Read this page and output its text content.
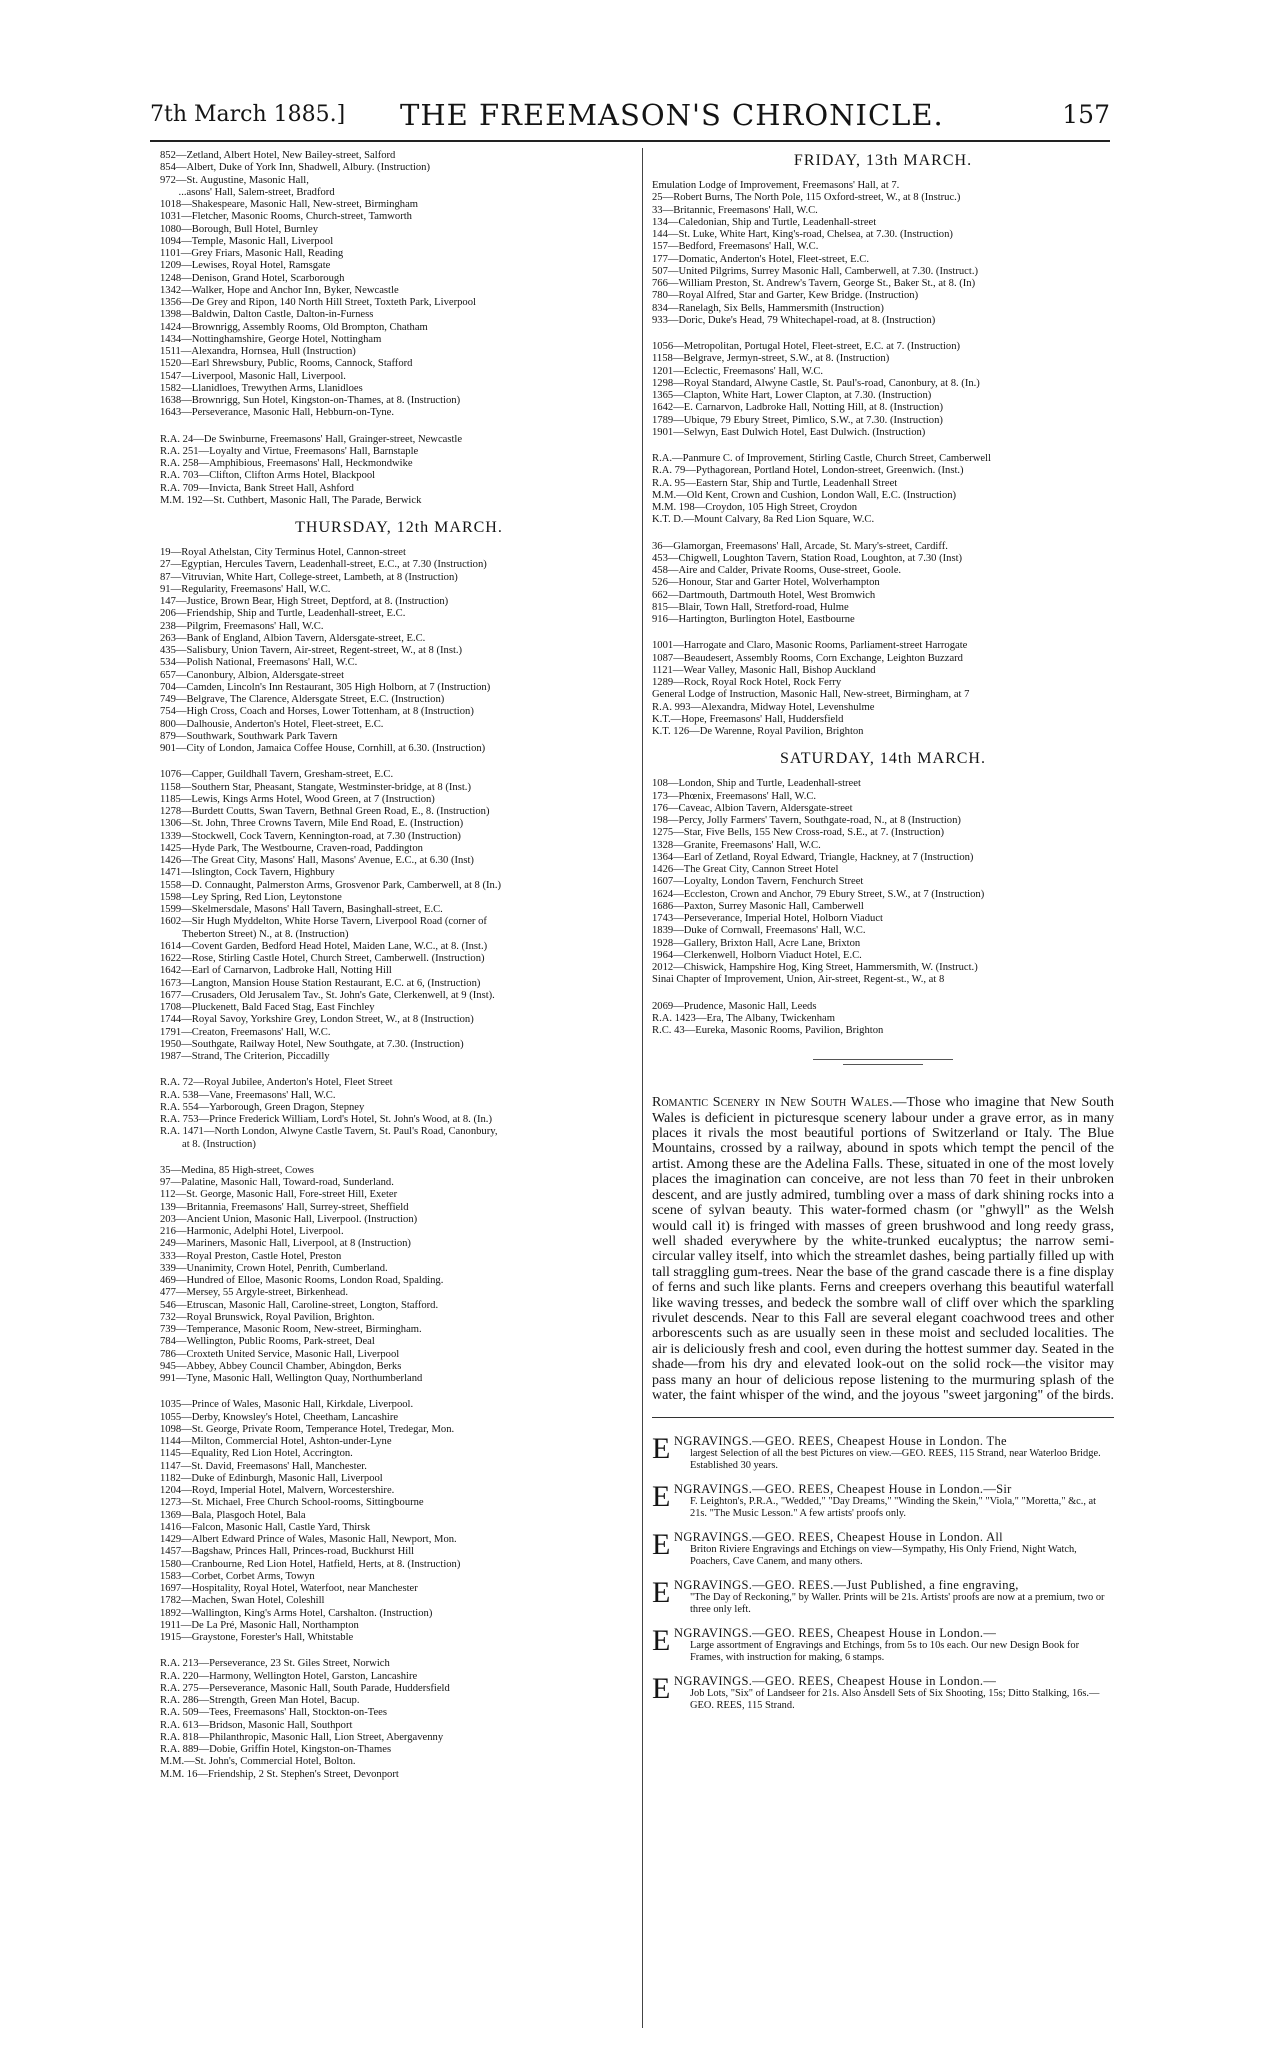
7th March 1885.] THE FREEMASON'S CHRONICLE.	157
852—Zetland, Albert Hotel, New Bailey-street, Salford
854—Albert, Duke of York Inn, Shadwell, Albury. (Instruction)
972—St. Augustine, Masonic Hall,
...asons' Hall, Salem-street, Bradford
1018—Shakespeare, Masonic Hall, New-street, Birmingham
1031—Fletcher, Masonic Rooms, Church-street, Tamworth
1080—Borough, Bull Hotel, Burnley
1094—Temple, Masonic Hall, Liverpool
1101—Grey Friars, Masonic Hall, Reading
1209—Lewises, Royal Hotel, Ramsgate
1248—Denison, Grand Hotel, Scarborough
1342—Walker, Hope and Anchor Inn, Byker, Newcastle
1356—De Grey and Ripon, 140 North Hill Street, Toxteth Park, Liverpool
1398—Baldwin, Dalton Castle, Dalton-in-Furness
1424—Brownrigg, Assembly Rooms, Old Brompton, Chatham
1434—Nottinghamshire, George Hotel, Nottingham
1511—Alexandra, Hornsea, Hull (Instruction)
1520—Earl Shrewsbury, Public, Rooms, Cannock, Stafford
1547—Liverpool, Masonic Hall, Liverpool.
1582—Llanidloes, Trewythen Arms, Llanidloes
1638—Brownrigg, Sun Hotel, Kingston-on-Thames, at 8. (Instruction)
1643—Perseverance, Masonic Hall, Hebburn-on-Tyne.
R.A. 24—De Swinburne, Freemasons' Hall, Grainger-street, Newcastle
R.A. 251—Loyalty and Virtue, Freemasons' Hall, Barnstaple
R.A. 258—Amphibious, Freemasons' Hall, Heckmondwike
R.A. 703—Clifton, Clifton Arms Hotel, Blackpool
R.A. 709—Invicta, Bank Street Hall, Ashford
M.M. 192—St. Cuthbert, Masonic Hall, The Parade, Berwick
THURSDAY, 12th MARCH.
19—Royal Athelstan, City Terminus Hotel, Cannon-street
27—Egyptian, Hercules Tavern, Leadenhall-street, E.C., at 7.30 (Instruction)
87—Vitruvian, White Hart, College-street, Lambeth, at 8 (Instruction)
91—Regularity, Freemasons' Hall, W.C.
147—Justice, Brown Bear, High Street, Deptford, at 8. (Instruction)
206—Friendship, Ship and Turtle, Leadenhall-street, E.C.
238—Pilgrim, Freemasons' Hall, W.C.
263—Bank of England, Albion Tavern, Aldersgate-street, E.C.
435—Salisbury, Union Tavern, Air-street, Regent-street, W., at 8 (Inst.)
534—Polish National, Freemasons' Hall, W.C.
657—Canonbury, Albion, Aldersgate-street
704—Camden, Lincoln's Inn Restaurant, 305 High Holborn, at 7 (Instruction)
749—Belgrave, The Clarence, Aldersgate Street, E.C. (Instruction)
754—High Cross, Coach and Horses, Lower Tottenham, at 8 (Instruction)
800—Dalhousie, Anderton's Hotel, Fleet-street, E.C.
879—Southwark, Southwark Park Tavern
901—City of London, Jamaica Coffee House, Cornhill, at 6.30. (Instruction)
1076—Capper, Guildhall Tavern, Gresham-street, E.C.
1158—Southern Star, Pheasant, Stangate, Westminster-bridge, at 8 (Inst.)
1185—Lewis, Kings Arms Hotel, Wood Green, at 7 (Instruction)
1278—Burdett Coutts, Swan Tavern, Bethnal Green Road, E., 8. (Instruction)
1306—St. John, Three Crowns Tavern, Mile End Road, E. (Instruction)
1339—Stockwell, Cock Tavern, Kennington-road, at 7.30 (Instruction)
1425—Hyde Park, The Westbourne, Craven-road, Paddington
1426—The Great City, Masons' Hall, Masons' Avenue, E.C., at 6.30 (Inst)
1471—Islington, Cock Tavern, Highbury
1558—D. Connaught, Palmerston Arms, Grosvenor Park, Camberwell, at 8 (In.)
1598—Ley Spring, Red Lion, Leytonstone
1599—Skelmersdale, Masons' Hall Tavern, Basinghall-street, E.C.
1602—Sir Hugh Myddelton, White Horse Tavern, Liverpool Road (corner of
Theberton Street) N., at 8. (Instruction)
1614—Covent Garden, Bedford Head Hotel, Maiden Lane, W.C., at 8. (Inst.)
1622—Rose, Stirling Castle Hotel, Church Street, Camberwell. (Instruction)
1642—Earl of Carnarvon, Ladbroke Hall, Notting Hill
1673—Langton, Mansion House Station Restaurant, E.C. at 6, (Instruction)
1677—Crusaders, Old Jerusalem Tav., St. John's Gate, Clerkenwell, at 9 (Inst).
1708—Pluckenett, Bald Faced Stag, East Finchley
1744—Royal Savoy, Yorkshire Grey, London Street, W., at 8 (Instruction)
1791—Creaton, Freemasons' Hall, W.C.
1950—Southgate, Railway Hotel, New Southgate, at 7.30. (Instruction)
1987—Strand, The Criterion, Piccadilly
R.A. 72—Royal Jubilee, Anderton's Hotel, Fleet Street
R.A. 538—Vane, Freemasons' Hall, W.C.
R.A. 554—Yarborough, Green Dragon, Stepney
R.A. 753—Prince Frederick William, Lord's Hotel, St. John's Wood, at 8. (In.)
R.A. 1471—North London, Alwyne Castle Tavern, St. Paul's Road, Canonbury,
at 8. (Instruction)
35—Medina, 85 High-street, Cowes
97—Palatine, Masonic Hall, Toward-road, Sunderland.
112—St. George, Masonic Hall, Fore-street Hill, Exeter
139—Britannia, Freemasons' Hall, Surrey-street, Sheffield
203—Ancient Union, Masonic Hall, Liverpool. (Instruction)
216—Harmonic, Adelphi Hotel, Liverpool.
249—Mariners, Masonic Hall, Liverpool, at 8 (Instruction)
333—Royal Preston, Castle Hotel, Preston
339—Unanimity, Crown Hotel, Penrith, Cumberland.
469—Hundred of Elloe, Masonic Rooms, London Road, Spalding.
477—Mersey, 55 Argyle-street, Birkenhead.
546—Etruscan, Masonic Hall, Caroline-street, Longton, Stafford.
732—Royal Brunswick, Royal Pavilion, Brighton.
739—Temperance, Masonic Room, New-street, Birmingham.
784—Wellington, Public Rooms, Park-street, Deal
786—Croxteth United Service, Masonic Hall, Liverpool
945—Abbey, Abbey Council Chamber, Abingdon, Berks
991—Tyne, Masonic Hall, Wellington Quay, Northumberland
1035—Prince of Wales, Masonic Hall, Kirkdale, Liverpool.
1055—Derby, Knowsley's Hotel, Cheetham, Lancashire
1098—St. George, Private Room, Temperance Hotel, Tredegar, Mon.
1144—Milton, Commercial Hotel, Ashton-under-Lyne
1145—Equality, Red Lion Hotel, Accrington.
1147—St. David, Freemasons' Hall, Manchester.
1182—Duke of Edinburgh, Masonic Hall, Liverpool
1204—Royd, Imperial Hotel, Malvern, Worcestershire.
1273—St. Michael, Free Church School-rooms, Sittingbourne
1369—Bala, Plasgoch Hotel, Bala
1416—Falcon, Masonic Hall, Castle Yard, Thirsk
1429—Albert Edward Prince of Wales, Masonic Hall, Newport, Mon.
1457—Bagshaw, Princes Hall, Princes-road, Buckhurst Hill
1580—Cranbourne, Red Lion Hotel, Hatfield, Herts, at 8. (Instruction)
1583—Corbet, Corbet Arms, Towyn
1697—Hospitality, Royal Hotel, Waterfoot, near Manchester
1782—Machen, Swan Hotel, Coleshill
1892—Wallington, King's Arms Hotel, Carshalton. (Instruction)
1911—De La Pré, Masonic Hall, Northampton
1915—Graystone, Forester's Hall, Whitstable
R.A. 213—Perseverance, 23 St. Giles Street, Norwich
R.A. 220—Harmony, Wellington Hotel, Garston, Lancashire
R.A. 275—Perseverance, Masonic Hall, South Parade, Huddersfield
R.A. 286—Strength, Green Man Hotel, Bacup.
R.A. 509—Tees, Freemasons' Hall, Stockton-on-Tees
R.A. 613—Bridson, Masonic Hall, Southport
R.A. 818—Philanthropic, Masonic Hall, Lion Street, Abergavenny
R.A. 889—Dobie, Griffin Hotel, Kingston-on-Thames
M.M.—St. John's, Commercial Hotel, Bolton.
M.M. 16—Friendship, 2 St. Stephen's Street, Devonport
FRIDAY, 13th MARCH.
Emulation Lodge of Improvement, Freemasons' Hall, at 7.
25—Robert Burns, The North Pole, 115 Oxford-street, W., at 8 (Instruc.)
33—Britannic, Freemasons' Hall, W.C.
134—Caledonian, Ship and Turtle, Leadenhall-street
144—St. Luke, White Hart, King's-road, Chelsea, at 7.30. (Instruction)
157—Bedford, Freemasons' Hall, W.C.
177—Domatic, Anderton's Hotel, Fleet-street, E.C.
507—United Pilgrims, Surrey Masonic Hall, Camberwell, at 7.30. (Instruct.)
766—William Preston, St. Andrew's Tavern, George St., Baker St., at 8. (In)
780—Royal Alfred, Star and Garter, Kew Bridge. (Instruction)
834—Ranelagh, Six Bells, Hammersmith (Instruction)
933—Doric, Duke's Head, 79 Whitechapel-road, at 8. (Instruction)
1056—Metropolitan, Portugal Hotel, Fleet-street, E.C. at 7. (Instruction)
1158—Belgrave, Jermyn-street, S.W., at 8. (Instruction)
1201—Eclectic, Freemasons' Hall, W.C.
1298—Royal Standard, Alwyne Castle, St. Paul's-road, Canonbury, at 8. (In.)
1365—Clapton, White Hart, Lower Clapton, at 7.30. (Instruction)
1642—E. Carnarvon, Ladbroke Hall, Notting Hill, at 8. (Instruction)
1789—Ubique, 79 Ebury Street, Pimlico, S.W., at 7.30. (Instruction)
1901—Selwyn, East Dulwich Hotel, East Dulwich. (Instruction)
R.A.—Panmure C. of Improvement, Stirling Castle, Church Street, Camberwell
R.A. 79—Pythagorean, Portland Hotel, London-street, Greenwich. (Inst.)
R.A. 95—Eastern Star, Ship and Turtle, Leadenhall Street
M.M.—Old Kent, Crown and Cushion, London Wall, E.C. (Instruction)
M.M. 198—Croydon, 105 High Street, Croydon
K.T. D.—Mount Calvary, 8a Red Lion Square, W.C.
36—Glamorgan, Freemasons' Hall, Arcade, St. Mary's-street, Cardiff.
453—Chigwell, Loughton Tavern, Station Road, Loughton, at 7.30 (Inst)
458—Aire and Calder, Private Rooms, Ouse-street, Goole.
526—Honour, Star and Garter Hotel, Wolverhampton
662—Dartmouth, Dartmouth Hotel, West Bromwich
815—Blair, Town Hall, Stretford-road, Hulme
916—Hartington, Burlington Hotel, Eastbourne
1001—Harrogate and Claro, Masonic Rooms, Parliament-street Harrogate
1087—Beaudesert, Assembly Rooms, Corn Exchange, Leighton Buzzard
1121—Wear Valley, Masonic Hall, Bishop Auckland
1289—Rock, Royal Rock Hotel, Rock Ferry
General Lodge of Instruction, Masonic Hall, New-street, Birmingham, at 7
R.A. 993—Alexandra, Midway Hotel, Levenshulme
K.T.—Hope, Freemasons' Hall, Huddersfield
K.T. 126—De Warenne, Royal Pavilion, Brighton
SATURDAY, 14th MARCH.
108—London, Ship and Turtle, Leadenhall-street
173—Phœnix, Freemasons' Hall, W.C.
176—Caveac, Albion Tavern, Aldersgate-street
198—Percy, Jolly Farmers' Tavern, Southgate-road, N., at 8 (Instruction)
1275—Star, Five Bells, 155 New Cross-road, S.E., at 7. (Instruction)
1328—Granite, Freemasons' Hall, W.C.
1364—Earl of Zetland, Royal Edward, Triangle, Hackney, at 7 (Instruction)
1426—The Great City, Cannon Street Hotel
1607—Loyalty, London Tavern, Fenchurch Street
1624—Eccleston, Crown and Anchor, 79 Ebury Street, S.W., at 7 (Instruction)
1686—Paxton, Surrey Masonic Hall, Camberwell
1743—Perseverance, Imperial Hotel, Holborn Viaduct
1839—Duke of Cornwall, Freemasons' Hall, W.C.
1928—Gallery, Brixton Hall, Acre Lane, Brixton
1964—Clerkenwell, Holborn Viaduct Hotel, E.C.
2012—Chiswick, Hampshire Hog, King Street, Hammersmith, W. (Instruct.)
Sinai Chapter of Improvement, Union, Air-street, Regent-st., W., at 8
2069—Prudence, Masonic Hall, Leeds
R.A. 1423—Era, The Albany, Twickenham
R.C. 43—Eureka, Masonic Rooms, Pavilion, Brighton

Romantic Scenery in New South Wales.—Those who imagine that New South Wales is deficient in picturesque scenery labour under a grave error, as in many places it rivals the most beautiful portions of Switzerland or Italy. The Blue Mountains, crossed by a railway, abound in spots which tempt the pencil of the artist. Among these are the Adelina Falls. These, situated in one of the most lovely places the imagination can conceive, are not less than 70 feet in their unbroken descent, and are justly admired, tumbling over a mass of dark shining rocks into a scene of sylvan beauty. This water-formed chasm (or "ghwyll" as the Welsh would call it) is fringed with masses of green brushwood and long reedy grass, well shaded everywhere by the white-trunked eucalyptus; the narrow semi-circular valley itself, into which the streamlet dashes, being partially filled up with tall straggling gum-trees. Near the base of the grand cascade there is a fine display of ferns and such like plants. Ferns and creepers overhang this beautiful waterfall like waving tresses, and bedeck the sombre wall of cliff over which the sparkling rivulet descends. Near to this Fall are several elegant coachwood trees and other arborescents such as are usually seen in these moist and secluded localities. The air is deliciously fresh and cool, even during the hottest summer day. Seated in the shade—from his dry and elevated look-out on the solid rock—the visitor may pass many an hour of delicious repose listening to the murmuring splash of the water, the faint whisper of the wind, and the joyous "sweet jargoning" of the birds.

E NGRAVINGS.—GEO. REES, Cheapest House in London. The
largest Selection of all the best Pictures on view.—GEO. REES, 115 Strand, near Waterloo Bridge. Established 30 years.
E NGRAVINGS.—GEO. REES, Cheapest House in London.—Sir
F. Leighton's, P.R.A., "Wedded," "Day Dreams," "Winding the Skein," "Viola," "Moretta," &c., at 21s. "The Music Lesson." A few artists' proofs only.
E NGRAVINGS.—GEO. REES, Cheapest House in London. All
Briton Riviere Engravings and Etchings on view—Sympathy, His Only Friend, Night Watch, Poachers, Cave Canem, and many others.
E NGRAVINGS.—GEO. REES.—Just Published, a fine engraving,
"The Day of Reckoning," by Waller. Prints will be 21s. Artists' proofs are now at a premium, two or three only left.
E NGRAVINGS.—GEO. REES, Cheapest House in London.—
Large assortment of Engravings and Etchings, from 5s to 10s each. Our new Design Book for Frames, with instruction for making, 6 stamps.
E NGRAVINGS.—GEO. REES, Cheapest House in London.—
Job Lots, "Six" of Landseer for 21s. Also Ansdell Sets of Six Shooting, 15s; Ditto Stalking, 16s.—GEO. REES, 115 Strand.
